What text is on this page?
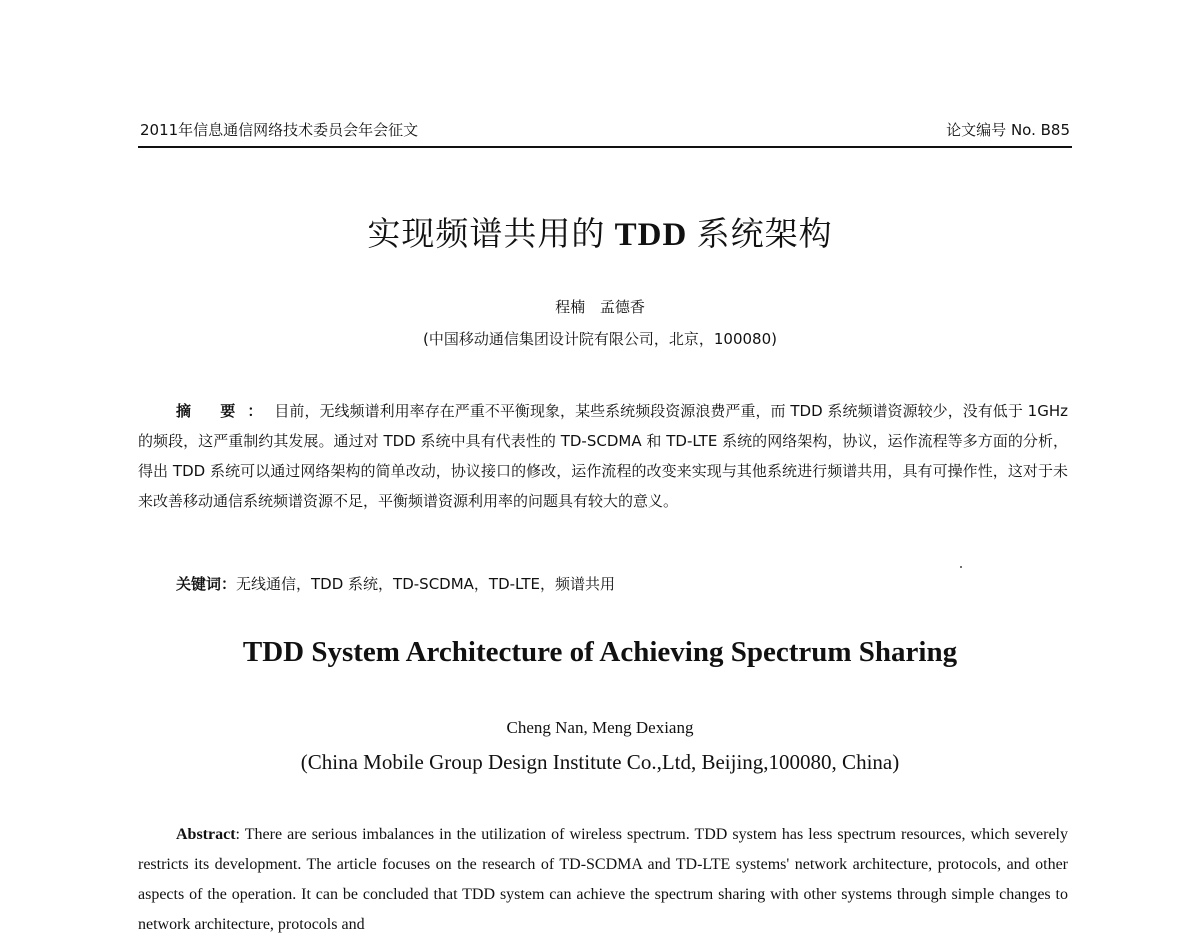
2011年信息通信网络技术委员会年会征文	论文编号 No. B85
实现频谱共用的 TDD 系统架构
程楠 孟德香
(中国移动通信集团设计院有限公司，北京，100080)
摘 要：目前，无线频谱利用率存在严重不平衡现象，某些系统频段资源浪费严重，而 TDD 系统频谱资源较少，没有低于 1GHz 的频段，这严重制约其发展。通过对 TDD 系统中具有代表性的 TD-SCDMA 和 TD-LTE 系统的网络架构，协议，运作流程等多方面的分析，得出 TDD 系统可以通过网络架构的简单改动，协议接口的修改，运作流程的改变来实现与其他系统进行频谱共用，具有可操作性，这对于未来改善移动通信系统频谱资源不足，平衡频谱资源利用率的问题具有较大的意义。
关键词：无线通信，TDD 系统，TD-SCDMA，TD-LTE，频谱共用
TDD System Architecture of Achieving Spectrum Sharing
Cheng Nan, Meng Dexiang
(China Mobile Group Design Institute Co.,Ltd, Beijing,100080, China)
Abstract: There are serious imbalances in the utilization of wireless spectrum. TDD system has less spectrum resources, which severely restricts its development. The article focuses on the research of TD-SCDMA and TD-LTE systems' network architecture, protocols, and other aspects of the operation. It can be concluded that TDD system can achieve the spectrum sharing with other systems through simple changes to network architecture, protocols and
